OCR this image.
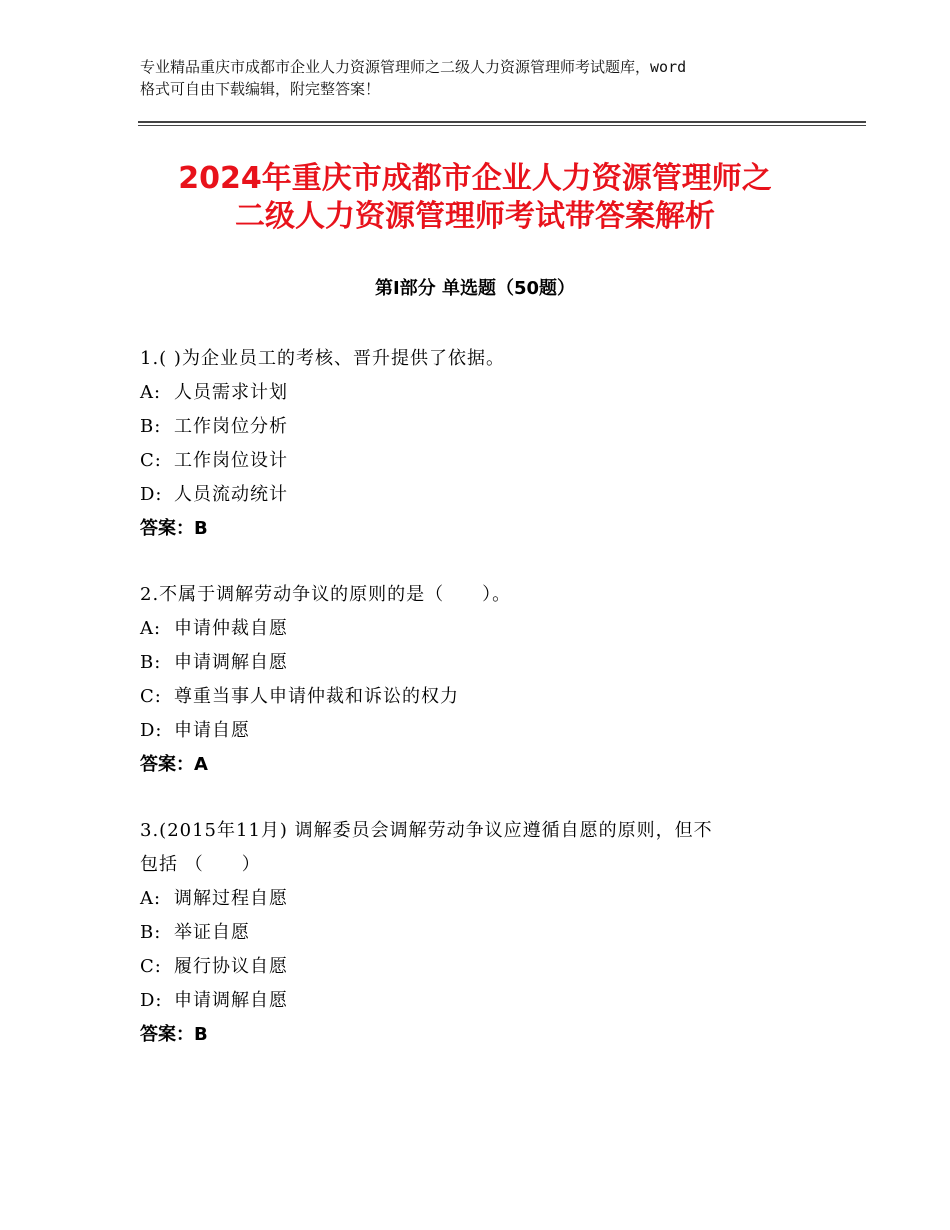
专业精品重庆市成都市企业人力资源管理师之二级人力资源管理师考试题库，word
格式可自由下载编辑，附完整答案！
2024年重庆市成都市企业人力资源管理师之
二级人力资源管理师考试带答案解析
第Ⅰ部分 单选题（50题）
1.( )为企业员工的考核、晋升提供了依据。
A: 人员需求计划
B: 工作岗位分析
C: 工作岗位设计
D: 人员流动统计
答案：B
2.不属于调解劳动争议的原则的是（　　）。
A: 申请仲裁自愿
B: 申请调解自愿
C: 尊重当事人申请仲裁和诉讼的权力
D: 申请自愿
答案：A
3.(2015年11月) 调解委员会调解劳动争议应遵循自愿的原则，但不
包括 （　　）
A: 调解过程自愿
B: 举证自愿
C: 履行协议自愿
D: 申请调解自愿
答案：B
